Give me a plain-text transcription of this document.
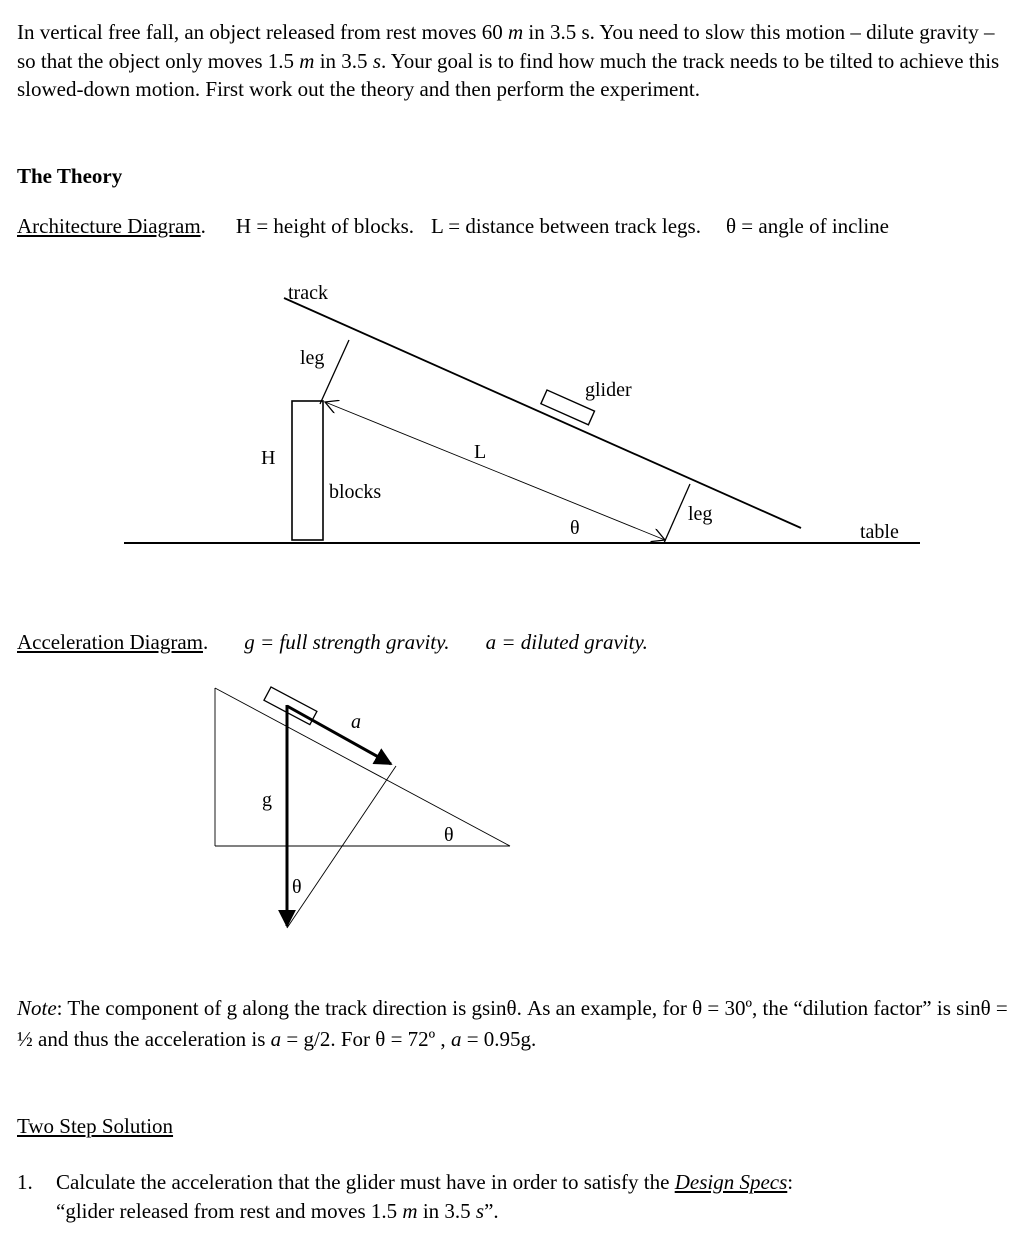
In vertical free fall, an object released from rest moves 60 m in 3.5 s. You need to slow this motion – dilute gravity – so that the object only moves 1.5 m in 3.5 s. Your goal is to find how much the track needs to be tilted to achieve this slowed-down motion. First work out the theory and then perform the experiment.

The Theory

Architecture Diagram. H = height of blocks. L = distance between track legs. θ = angle of incline

Acceleration Diagram. g = full strength gravity. a = diluted gravity.

track
leg
glider
H	L
blocks
θ
leg
table
a
g
θ
θ

Note: The component of g along the track direction is gsinθ. As an example, for θ = 30º, the “dilution factor” is sinθ = ½ and thus the acceleration is a = g/2. For θ = 72º , a = 0.95g.

Two Step Solution

1. Calculate the acceleration that the glider must have in order to satisfy the Design Specs:
“glider released from rest and moves 1.5 m in 3.5 s”.
